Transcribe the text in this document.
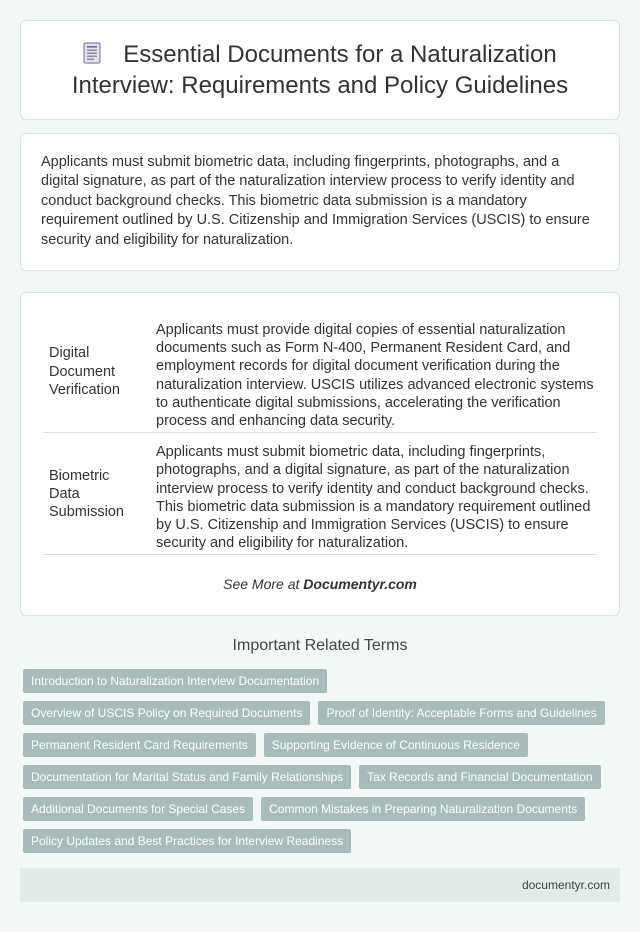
Essential Documents for a Naturalization Interview: Requirements and Policy Guidelines

Applicants must submit biometric data, including fingerprints, photographs, and a digital signature, as part of the naturalization interview process to verify identity and conduct background checks. This biometric data submission is a mandatory requirement outlined by U.S. Citizenship and Immigration Services (USCIS) to ensure security and eligibility for naturalization.

Digital Document Verification	Applicants must provide digital copies of essential naturalization documents such as Form N-400, Permanent Resident Card, and employment records for digital document verification during the naturalization interview. USCIS utilizes advanced electronic systems to authenticate digital submissions, accelerating the verification process and enhancing data security.
Biometric Data Submission	Applicants must submit biometric data, including fingerprints, photographs, and a digital signature, as part of the naturalization interview process to verify identity and conduct background checks. This biometric data submission is a mandatory requirement outlined by U.S. Citizenship and Immigration Services (USCIS) to ensure security and eligibility for naturalization.
See More at Documentyr.com
Important Related Terms
Introduction to Naturalization Interview Documentation
Overview of USCIS Policy on Required Documents	Proof of Identity: Acceptable Forms and Guidelines
Permanent Resident Card Requirements	Supporting Evidence of Continuous Residence
Documentation for Marital Status and Family Relationships	Tax Records and Financial Documentation
Additional Documents for Special Cases	Common Mistakes in Preparing Naturalization Documents
Policy Updates and Best Practices for Interview Readiness
documentyr.com
